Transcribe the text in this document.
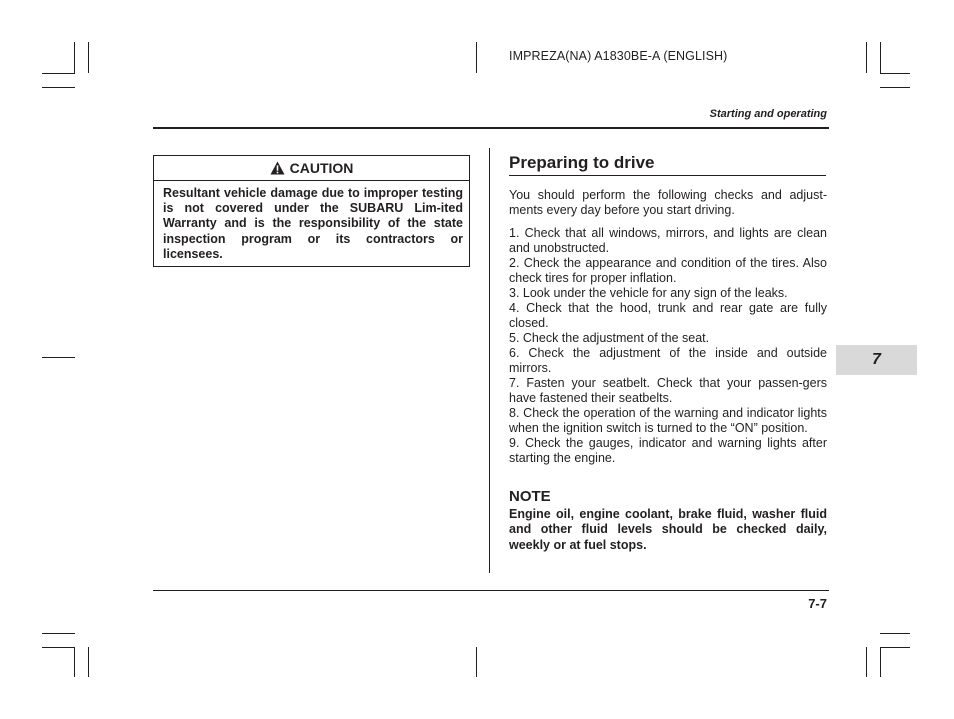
IMPREZA(NA) A1830BE-A (ENGLISH)
Starting and operating
CAUTION
Resultant vehicle damage due to improper testing is not covered under the SUBARU Lim-ited Warranty and is the responsibility of the state inspection program or its contractors or licensees.
Preparing to drive
You should perform the following checks and adjust-ments every day before you start driving.
1. Check that all windows, mirrors, and lights are clean and unobstructed.
2. Check the appearance and condition of the tires. Also check tires for proper inflation.
3. Look under the vehicle for any sign of the leaks.
4. Check that the hood, trunk and rear gate are fully closed.
5. Check the adjustment of the seat.
6. Check the adjustment of the inside and outside mirrors.
7. Fasten your seatbelt. Check that your passen-gers have fastened their seatbelts.
8. Check the operation of the warning and indicator lights when the ignition switch is turned to the “ON” position.
9. Check the gauges, indicator and warning lights after starting the engine.
NOTE
Engine oil, engine coolant, brake fluid, washer fluid and other fluid levels should be checked daily, weekly or at fuel stops.
7
7-7
